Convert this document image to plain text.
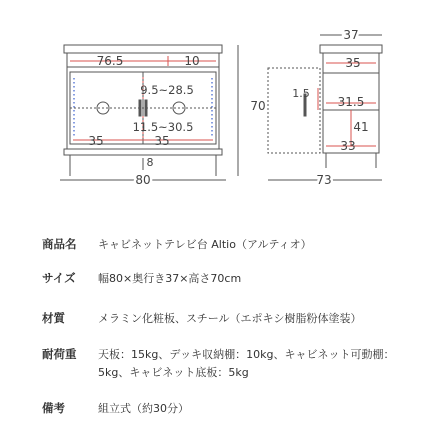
76.5	10
9.5~28.5
11.5~30.5
35	35
8
80
70
37
35
1.5
31.5
41
33
73
商品名 キャビネットテレビ台 Altio（アルティオ）
サイズ 幅80×奥行き37×高さ70cm
材質	メラミン化粧板、スチール（エポキシ樹脂粉体塗装）
耐荷重 天板：15kg、デッキ収納棚：10kg、キャビネット可動棚：5kg、キャビネット底板：5kg
備考	組立式（約30分）
